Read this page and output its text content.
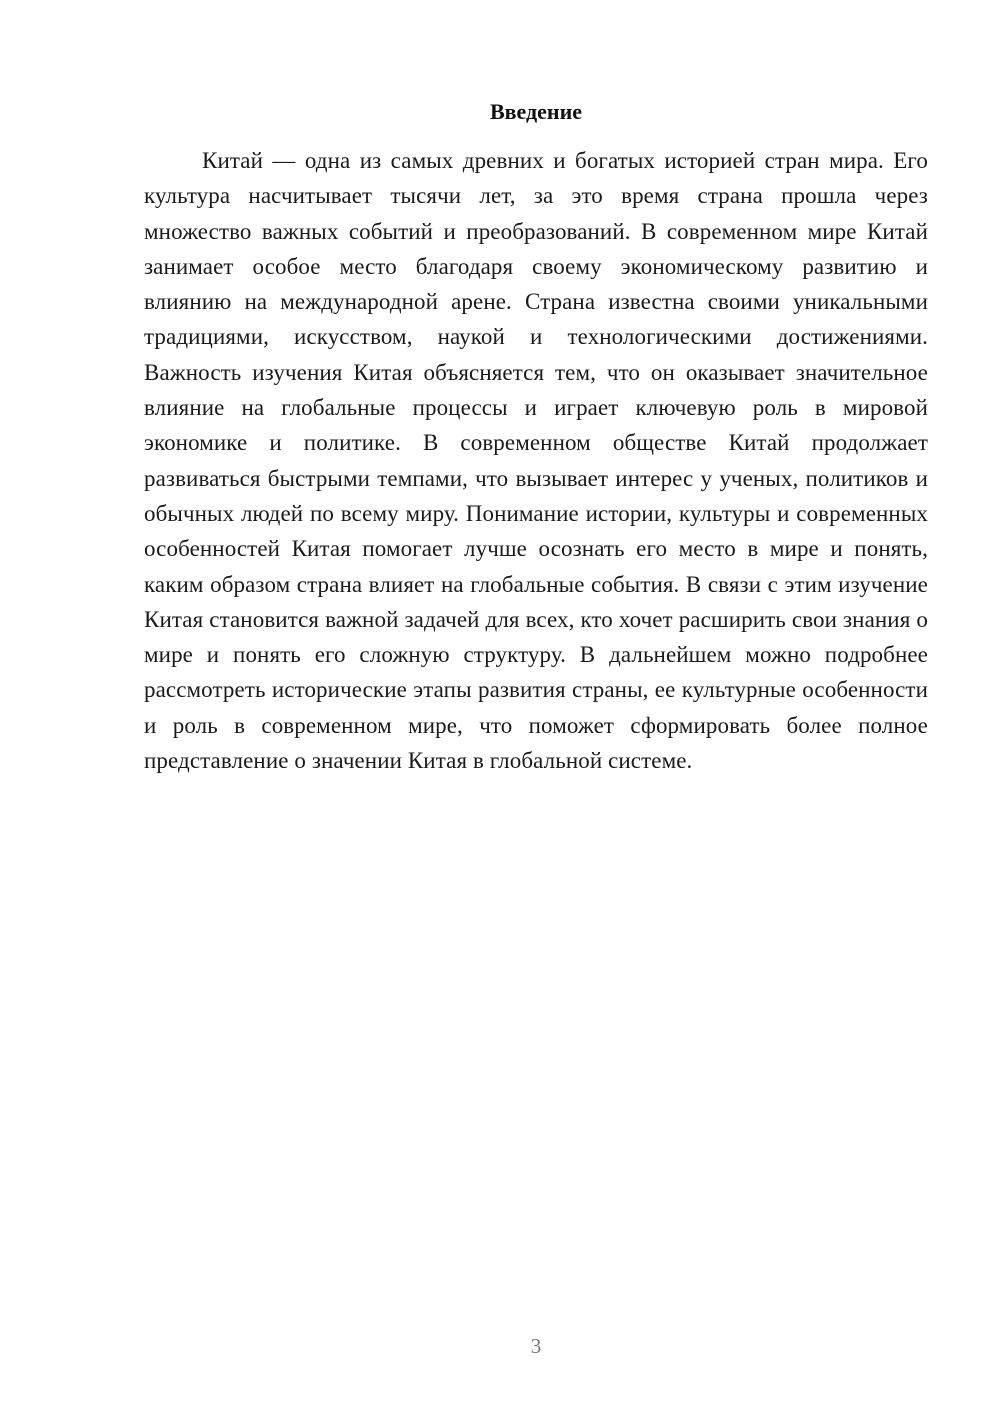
Введение

Китай — одна из самых древних и богатых историей стран мира. Его культура насчитывает тысячи лет, за это время страна прошла через множество важных событий и преобразований. В современном мире Китай занимает особое место благодаря своему экономическому развитию и влиянию на международной арене. Страна известна своими уникальными традициями, искусством, наукой и технологическими достижениями. Важность изучения Китая объясняется тем, что он оказывает значительное влияние на глобальные процессы и играет ключевую роль в мировой экономике и политике. В современном обществе Китай продолжает развиваться быстрыми темпами, что вызывает интерес у ученых, политиков и обычных людей по всему миру. Понимание истории, культуры и современных особенностей Китая помогает лучше осознать его место в мире и понять, каким образом страна влияет на глобальные события. В связи с этим изучение Китая становится важной задачей для всех, кто хочет расширить свои знания о мире и понять его сложную структуру. В дальнейшем можно подробнее рассмотреть исторические этапы развития страны, ее культурные особенности и роль в современном мире, что поможет сформировать более полное представление о значении Китая в глобальной системе.

3
